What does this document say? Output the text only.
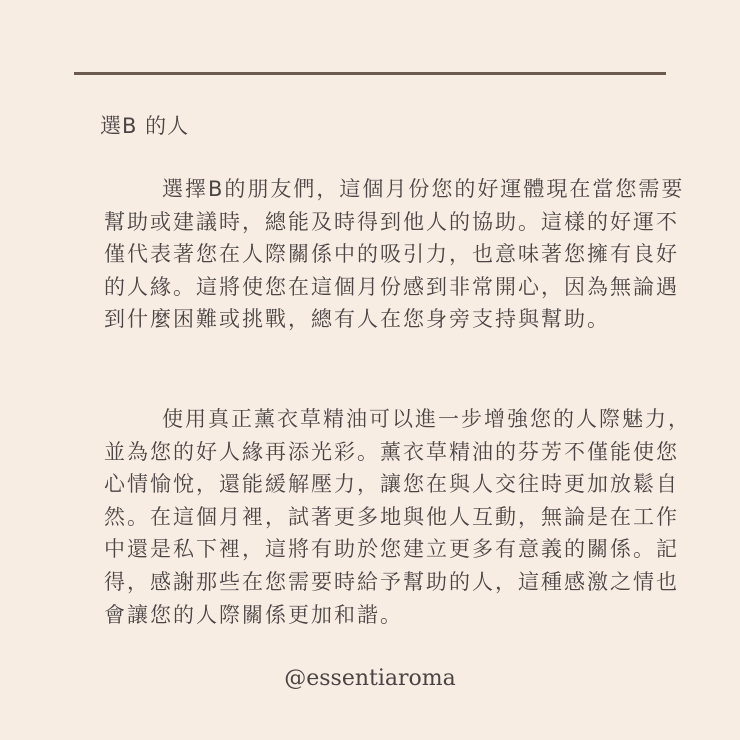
選B 的人

選擇B的朋友們，這個月份您的好運體現在當您需要幫助或建議時，總能及時得到他人的協助。這樣的好運不僅代表著您在人際關係中的吸引力，也意味著您擁有良好的人緣。這將使您在這個月份感到非常開心，因為無論遇到什麼困難或挑戰，總有人在您身旁支持與幫助。

使用真正薰衣草精油可以進一步增強您的人際魅力，並為您的好人緣再添光彩。薰衣草精油的芬芳不僅能使您心情愉悅，還能緩解壓力，讓您在與人交往時更加放鬆自然。在這個月裡，試著更多地與他人互動，無論是在工作中還是私下裡，這將有助於您建立更多有意義的關係。記得，感謝那些在您需要時給予幫助的人，這種感激之情也會讓您的人際關係更加和諧。

@essentiaroma
